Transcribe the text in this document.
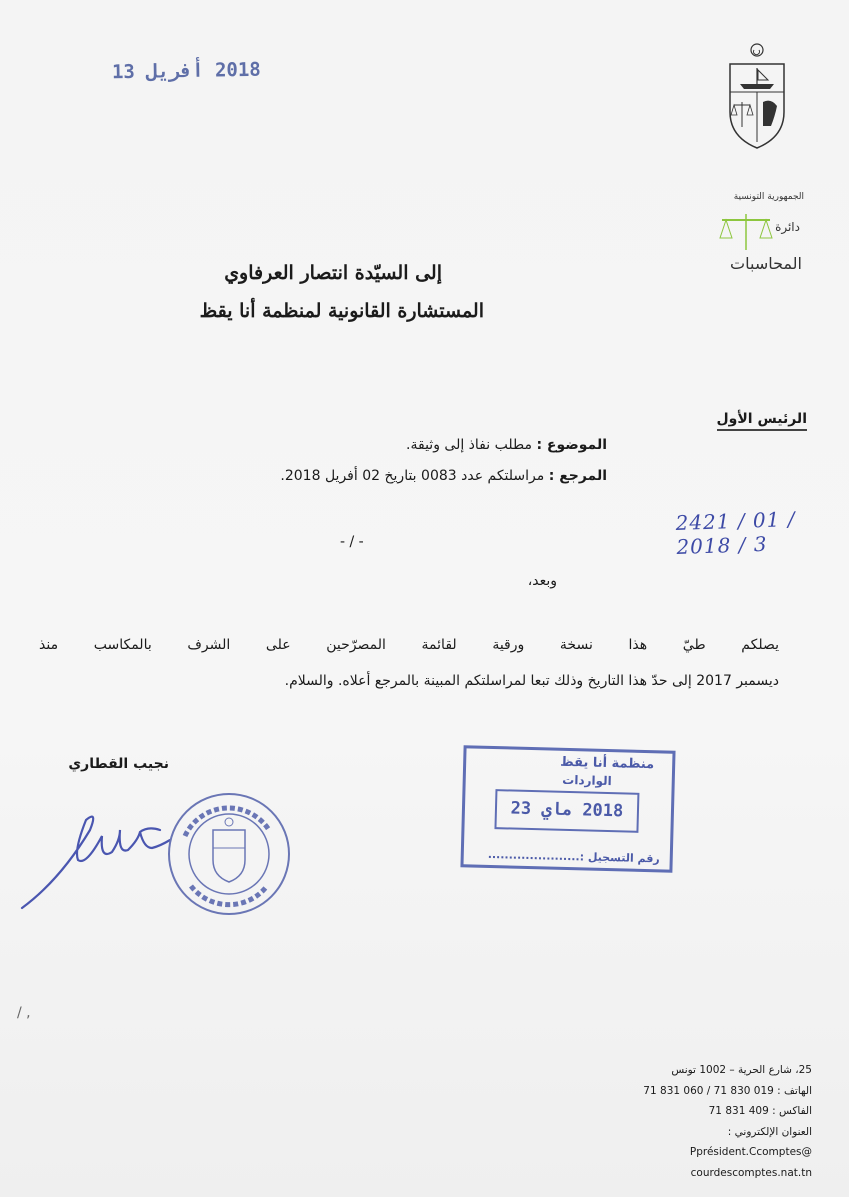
2018 أفريل 13
الجمهورية التونسية
دائرة
المحاسبات
إلى السيّدة انتصار العرفاوي
المستشارة القانونية لمنظمة أنا يقظ
الرئيس الأول
الموضوع : مطلب نفاذ إلى وثيقة.
المرجع : مراسلتكم عدد 0083 بتاريخ 02 أفريل 2018.
2421 / 01 / 2018 / 3
- / -
وبعد،
يصلكم طيّ هذا نسخة ورقية لقائمة المصرّحين على الشرف بالمكاسب منذ
ديسمبر 2017 إلى حدّ هذا التاريخ وذلك تبعا لمراسلتكم المبينة بالمرجع أعلاه. والسلام.
نجيب القطاري	منظمة أنا يقظ
الواردات
2018 ماي 23
رقم التسجيل :......................
/ ,
25، شارع الحرية – 1002 تونس
الهاتف : 019 830 71 / 060 831 71
الفاكس : 409 831 71
العنوان الإلكتروني :
Pprésident.Ccomptes@
courdescomptes.nat.tn
